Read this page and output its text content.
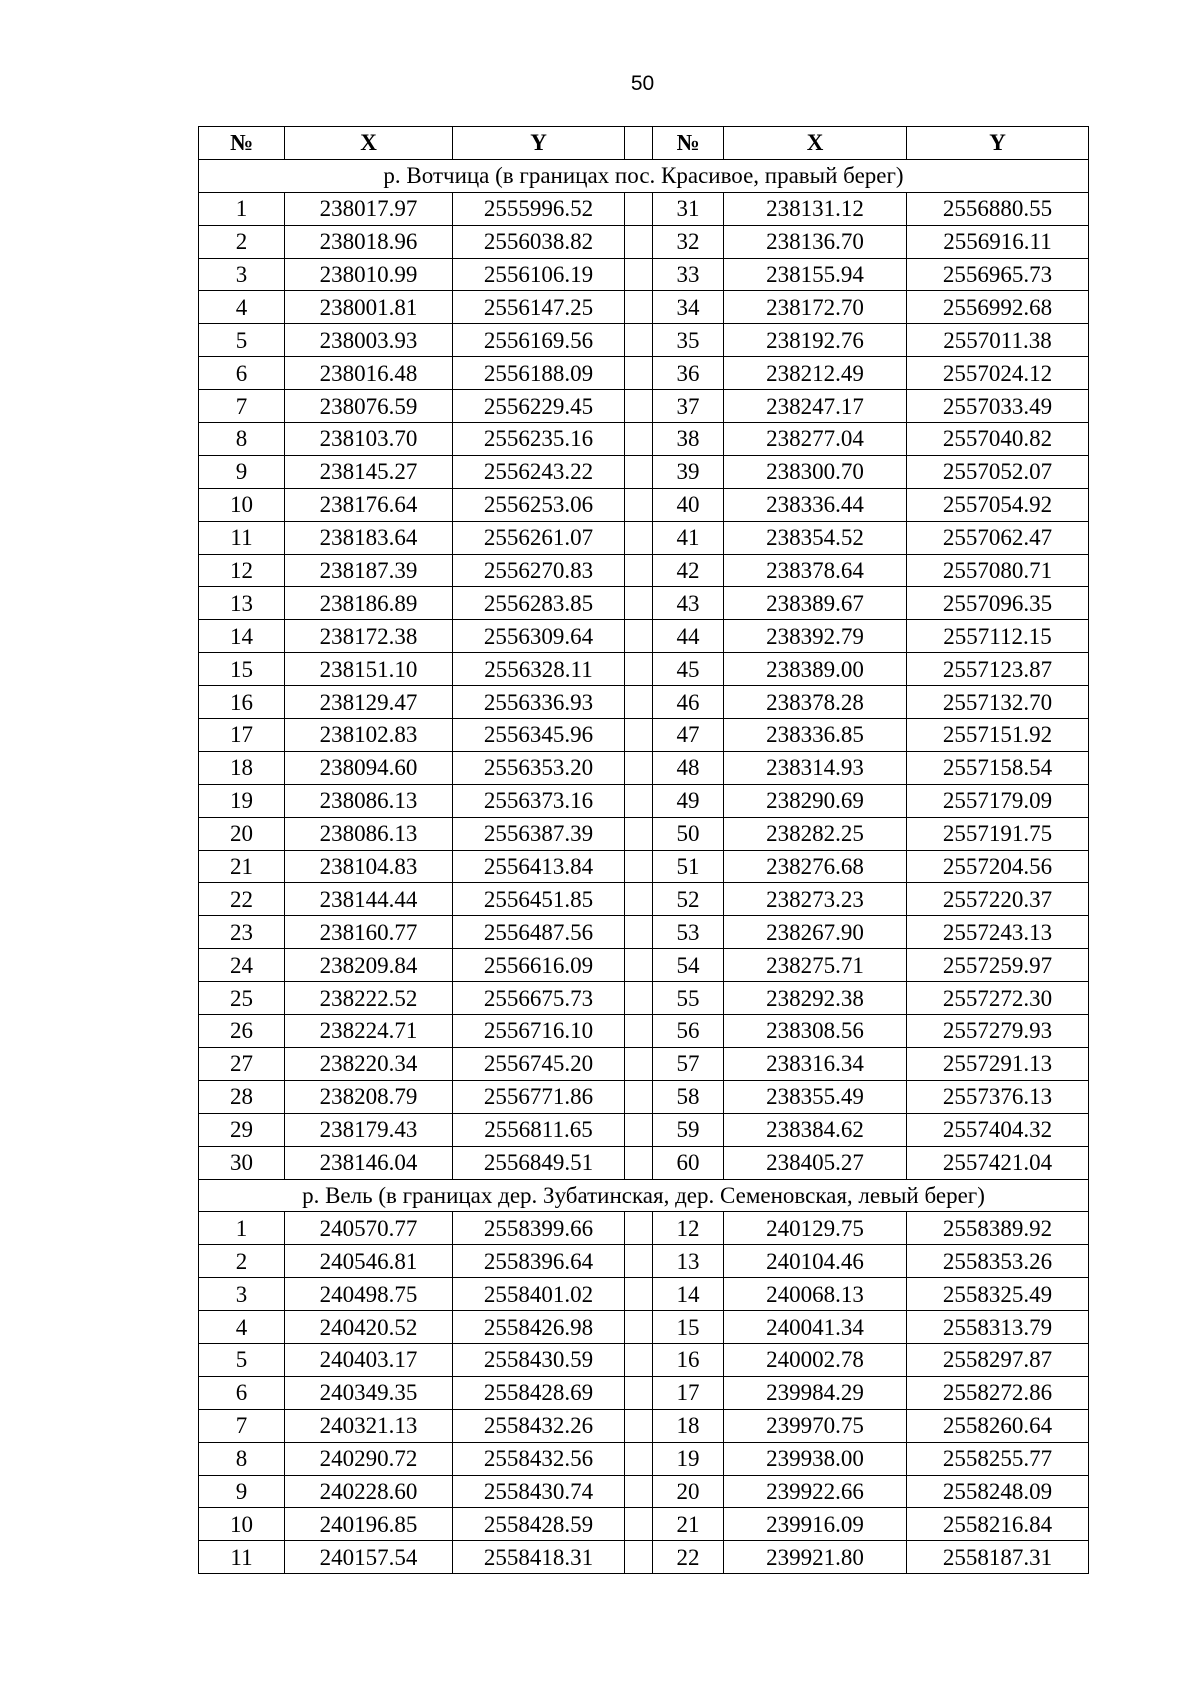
50
№	X	Y		№	X	Y
р. Вотчица (в границах пос. Красивое, правый берег)						
1	238017.97	2555996.52		31	238131.12	2556880.55
2	238018.96	2556038.82		32	238136.70	2556916.11
3	238010.99	2556106.19		33	238155.94	2556965.73
4	238001.81	2556147.25		34	238172.70	2556992.68
5	238003.93	2556169.56		35	238192.76	2557011.38
6	238016.48	2556188.09		36	238212.49	2557024.12
7	238076.59	2556229.45		37	238247.17	2557033.49
8	238103.70	2556235.16		38	238277.04	2557040.82
9	238145.27	2556243.22		39	238300.70	2557052.07
10	238176.64	2556253.06		40	238336.44	2557054.92
11	238183.64	2556261.07		41	238354.52	2557062.47
12	238187.39	2556270.83		42	238378.64	2557080.71
13	238186.89	2556283.85		43	238389.67	2557096.35
14	238172.38	2556309.64		44	238392.79	2557112.15
15	238151.10	2556328.11		45	238389.00	2557123.87
16	238129.47	2556336.93		46	238378.28	2557132.70
17	238102.83	2556345.96		47	238336.85	2557151.92
18	238094.60	2556353.20		48	238314.93	2557158.54
19	238086.13	2556373.16		49	238290.69	2557179.09
20	238086.13	2556387.39		50	238282.25	2557191.75
21	238104.83	2556413.84		51	238276.68	2557204.56
22	238144.44	2556451.85		52	238273.23	2557220.37
23	238160.77	2556487.56		53	238267.90	2557243.13
24	238209.84	2556616.09		54	238275.71	2557259.97
25	238222.52	2556675.73		55	238292.38	2557272.30
26	238224.71	2556716.10		56	238308.56	2557279.93
27	238220.34	2556745.20		57	238316.34	2557291.13
28	238208.79	2556771.86		58	238355.49	2557376.13
29	238179.43	2556811.65		59	238384.62	2557404.32
30	238146.04	2556849.51		60	238405.27	2557421.04
р. Вель (в границах дер. Зубатинская, дер. Семеновская, левый берег)						
1	240570.77	2558399.66		12	240129.75	2558389.92
2	240546.81	2558396.64		13	240104.46	2558353.26
3	240498.75	2558401.02		14	240068.13	2558325.49
4	240420.52	2558426.98		15	240041.34	2558313.79
5	240403.17	2558430.59		16	240002.78	2558297.87
6	240349.35	2558428.69		17	239984.29	2558272.86
7	240321.13	2558432.26		18	239970.75	2558260.64
8	240290.72	2558432.56		19	239938.00	2558255.77
9	240228.60	2558430.74		20	239922.66	2558248.09
10	240196.85	2558428.59		21	239916.09	2558216.84
11	240157.54	2558418.31		22	239921.80	2558187.31
